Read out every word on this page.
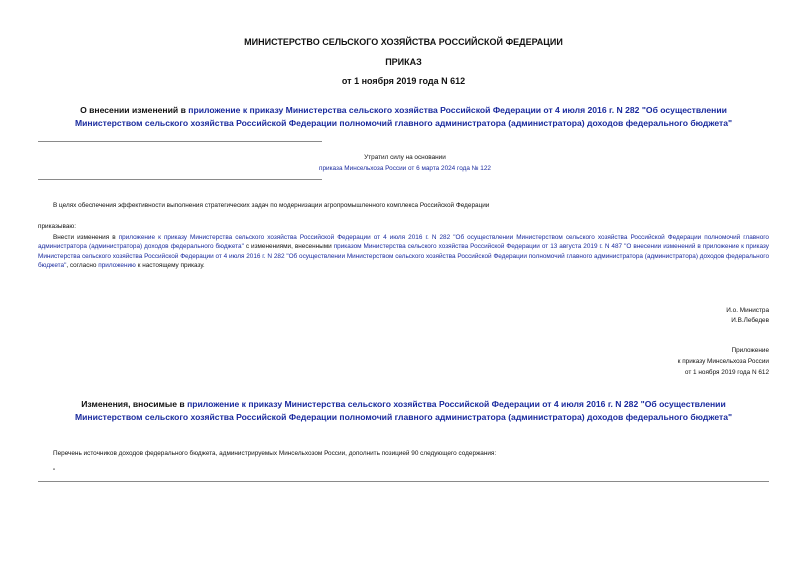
МИНИСТЕРСТВО СЕЛЬСКОГО ХОЗЯЙСТВА РОССИЙСКОЙ ФЕДЕРАЦИИ
ПРИКАЗ
от 1 ноября 2019 года N 612
О внесении изменений в приложение к приказу Министерства сельского хозяйства Российской Федерации от 4 июля 2016 г. N 282 "Об осуществлении Министерством сельского хозяйства Российской Федерации полномочий главного администратора (администратора) доходов федерального бюджета"
Утратил силу на основании
приказа Минсельхоза России от 6 марта 2024 года № 122
В целях обеспечения эффективности выполнения стратегических задач по модернизации агропромышленного комплекса Российской Федерации
приказываю:
Внести изменения в приложение к приказу Министерства сельского хозяйства Российской Федерации от 4 июля 2016 г. N 282 "Об осуществлении Министерством сельского хозяйства Российской Федерации полномочий главного администратора (администратора) доходов федерального бюджета" с изменениями, внесенными приказом Министерства сельского хозяйства Российской Федерации от 13 августа 2019 г. N 487 "О внесении изменений в приложение к приказу Министерства сельского хозяйства Российской Федерации от 4 июля 2016 г. N 282 "Об осуществлении Министерством сельского хозяйства Российской Федерации полномочий главного администратора (администратора) доходов федерального бюджета", согласно приложению к настоящему приказу.
И.о. Министра
И.В.Лебедев
Приложение
к приказу Минсельхоза России
от 1 ноября 2019 года N 612
Изменения, вносимые в приложение к приказу Министерства сельского хозяйства Российской Федерации от 4 июля 2016 г. N 282 "Об осуществлении Министерством сельского хозяйства Российской Федерации полномочий главного администратора (администратора) доходов федерального бюджета"
Перечень источников доходов федерального бюджета, администрируемых Минсельхозом России, дополнить позицией 90 следующего содержания:
"
